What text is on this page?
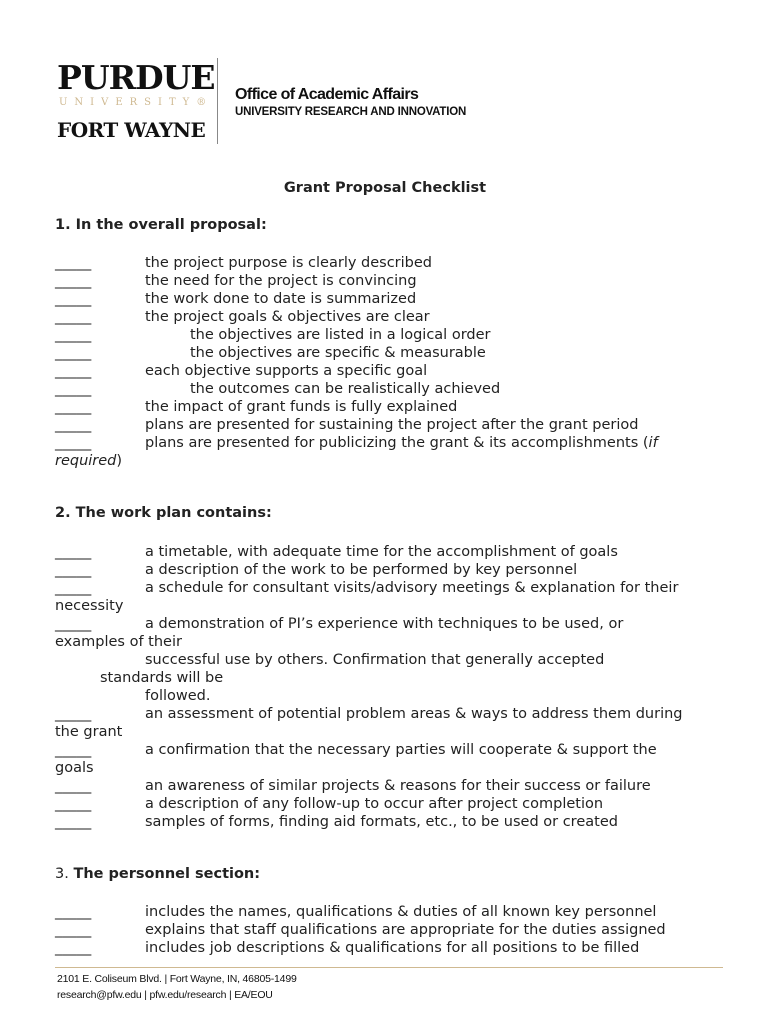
PURDUE
UNIVERSITY®
FORT WAYNE
Office of Academic Affairs
UNIVERSITY RESEARCH AND INNOVATION
Grant Proposal Checklist
1. In the overall proposal:
_____	the project purpose is clearly described
_____	the need for the project is convincing
_____	the work done to date is summarized
_____	the project goals & objectives are clear
_____	the objectives are listed in a logical order
_____	the objectives are specific & measurable
_____	each objective supports a specific goal
_____	the outcomes can be realistically achieved
_____	the impact of grant funds is fully explained
_____	plans are presented for sustaining the project after the grant period
_____	plans are presented for publicizing the grant & its accomplishments (if
required)
2. The work plan contains:
_____	a timetable, with adequate time for the accomplishment of goals
_____	a description of the work to be performed by key personnel
_____	a schedule for consultant visits/advisory meetings & explanation for their
necessity
_____	a demonstration of PI’s experience with techniques to be used, or
examples of their
successful use by others. Confirmation that generally accepted
standards will be
followed.
_____	an assessment of potential problem areas & ways to address them during
the grant
_____	a confirmation that the necessary parties will cooperate & support the
goals
_____	an awareness of similar projects & reasons for their success or failure
_____	a description of any follow-up to occur after project completion
_____	samples of forms, finding aid formats, etc., to be used or created
3. The personnel section:
_____	includes the names, qualifications & duties of all known key personnel
_____	explains that staff qualifications are appropriate for the duties assigned
_____	includes job descriptions & qualifications for all positions to be filled
2101 E. Coliseum Blvd. | Fort Wayne, IN, 46805-1499
research@pfw.edu | pfw.edu/research | EA/EOU
